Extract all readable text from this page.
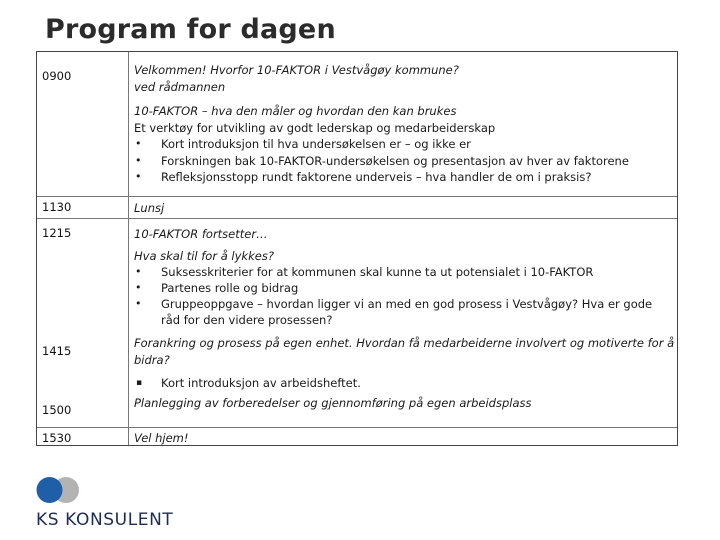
Program for dagen
0900
1130
1215
1415
1500
1530
Velkommen! Hvorfor 10-FAKTOR i Vestvågøy kommune?
ved rådmannen
10-FAKTOR – hva den måler og hvordan den kan brukes
Et verktøy for utvikling av godt lederskap og medarbeiderskap
• Kort introduksjon til hva undersøkelsen er – og ikke er
• Forskningen bak 10-FAKTOR-undersøkelsen og presentasjon av hver av faktorene
• Refleksjonsstopp rundt faktorene underveis – hva handler de om i praksis?
Lunsj
10-FAKTOR fortsetter…
Hva skal til for å lykkes?
• Suksesskriterier for at kommunen skal kunne ta ut potensialet i 10-FAKTOR
• Partenes rolle og bidrag
• Gruppeoppgave – hvordan ligger vi an med en god prosess i Vestvågøy? Hva er gode råd for den videre prosessen?
Forankring og prosess på egen enhet. Hvordan få medarbeiderne involvert og motiverte for å bidra?
▪ Kort introduksjon av arbeidsheftet.
Planlegging av forberedelser og gjennomføring på egen arbeidsplass
Vel hjem!
KS KONSULENT
